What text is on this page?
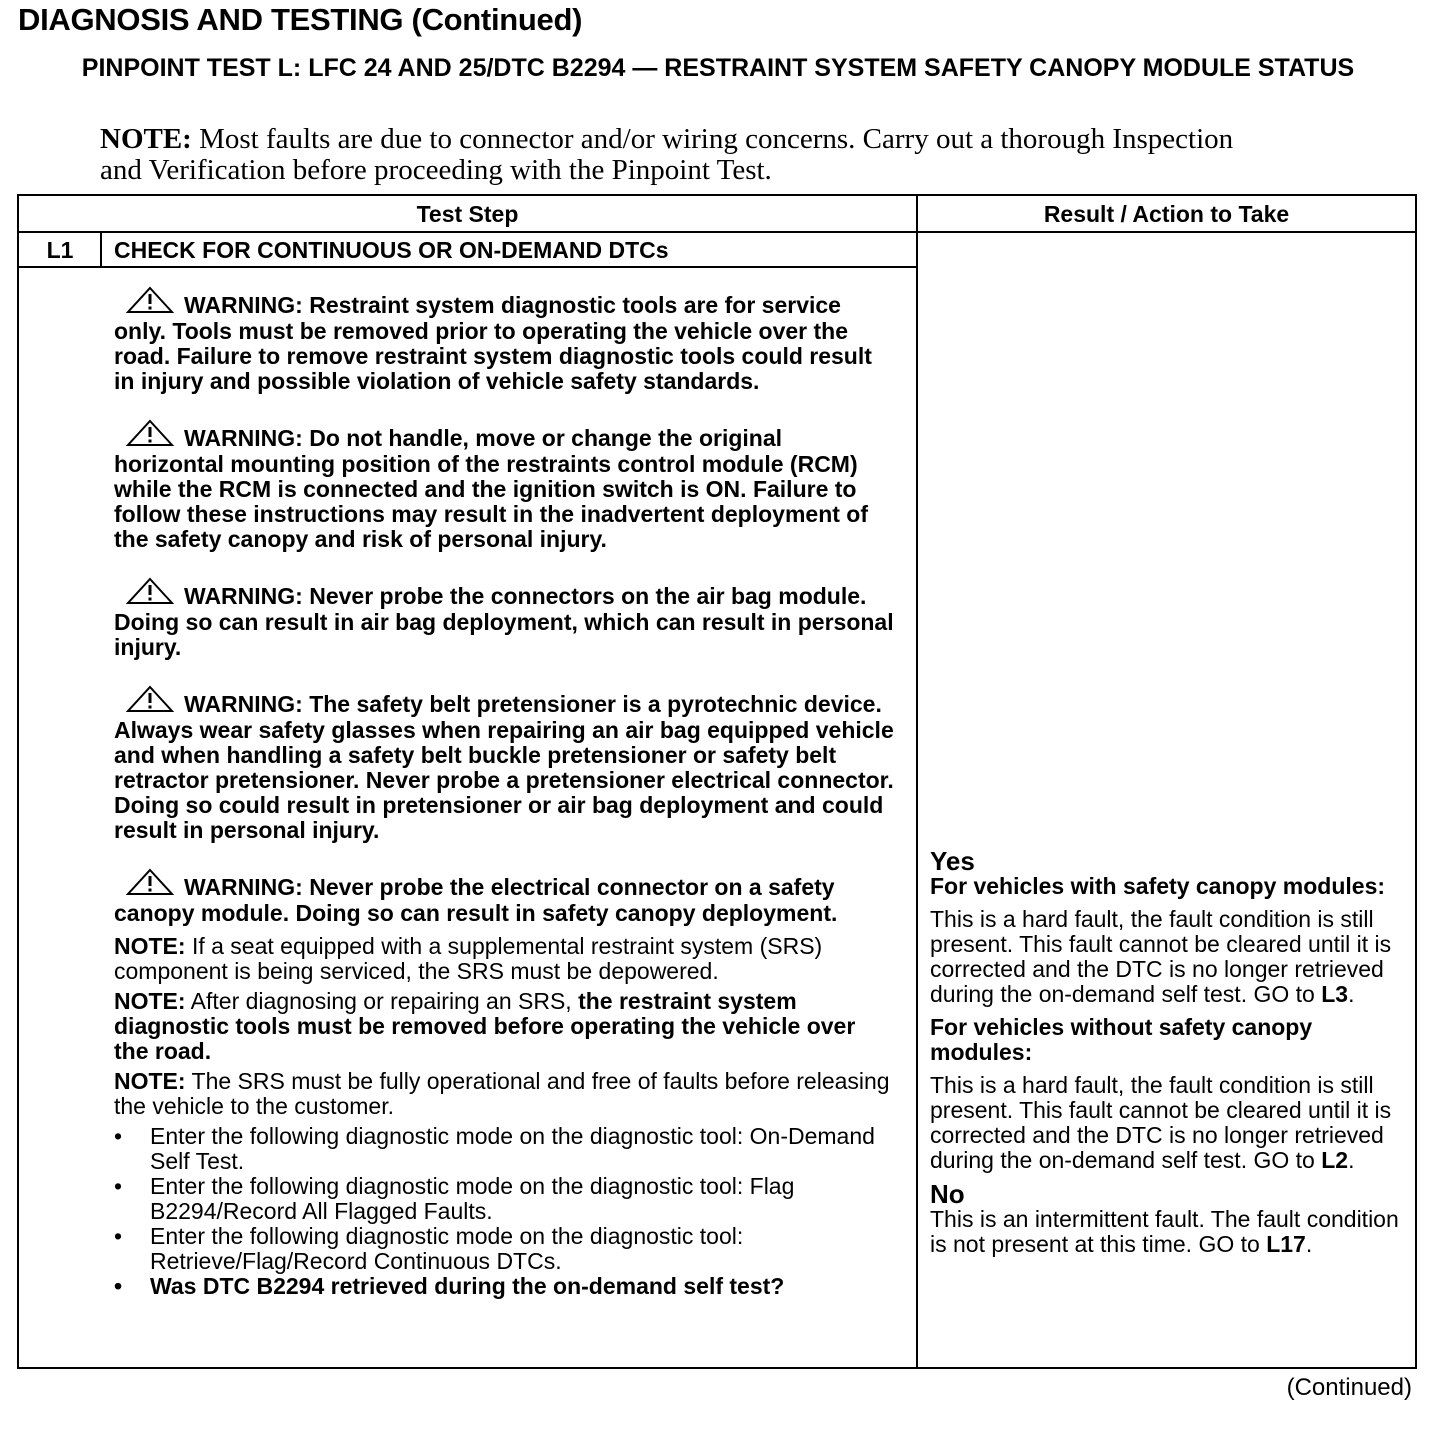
DIAGNOSIS AND TESTING (Continued)
PINPOINT TEST L: LFC 24 AND 25/DTC B2294 — RESTRAINT SYSTEM SAFETY CANOPY MODULE STATUS
NOTE: Most faults are due to connector and/or wiring concerns. Carry out a thorough Inspection and Verification before proceeding with the Pinpoint Test.
Test Step	Result / Action to Take
L1	CHECK FOR CONTINUOUS OR ON-DEMAND DTCs
WARNING: Restraint system diagnostic tools are for service only. Tools must be removed prior to operating the vehicle over the road. Failure to remove restraint system diagnostic tools could result in injury and possible violation of vehicle safety standards.
WARNING: Do not handle, move or change the original horizontal mounting position of the restraints control module (RCM) while the RCM is connected and the ignition switch is ON. Failure to follow these instructions may result in the inadvertent deployment of the safety canopy and risk of personal injury.
WARNING: Never probe the connectors on the air bag module. Doing so can result in air bag deployment, which can result in personal injury.
WARNING: The safety belt pretensioner is a pyrotechnic device. Always wear safety glasses when repairing an air bag equipped vehicle and when handling a safety belt buckle pretensioner or safety belt retractor pretensioner. Never probe a pretensioner electrical connector. Doing so could result in pretensioner or air bag deployment and could result in personal injury.
WARNING: Never probe the electrical connector on a safety canopy module. Doing so can result in safety canopy deployment.
NOTE: If a seat equipped with a supplemental restraint system (SRS) component is being serviced, the SRS must be depowered.
NOTE: After diagnosing or repairing an SRS, the restraint system diagnostic tools must be removed before operating the vehicle over the road.
NOTE: The SRS must be fully operational and free of faults before releasing the vehicle to the customer.
• Enter the following diagnostic mode on the diagnostic tool: On-Demand Self Test.
• Enter the following diagnostic mode on the diagnostic tool: Flag B2294/Record All Flagged Faults.
• Enter the following diagnostic mode on the diagnostic tool: Retrieve/Flag/Record Continuous DTCs.
• Was DTC B2294 retrieved during the on-demand self test?
Yes
For vehicles with safety canopy modules:
This is a hard fault, the fault condition is still present. This fault cannot be cleared until it is corrected and the DTC is no longer retrieved during the on-demand self test. GO to L3.
For vehicles without safety canopy modules:
This is a hard fault, the fault condition is still present. This fault cannot be cleared until it is corrected and the DTC is no longer retrieved during the on-demand self test. GO to L2.
No
This is an intermittent fault. The fault condition is not present at this time. GO to L17.
(Continued)
